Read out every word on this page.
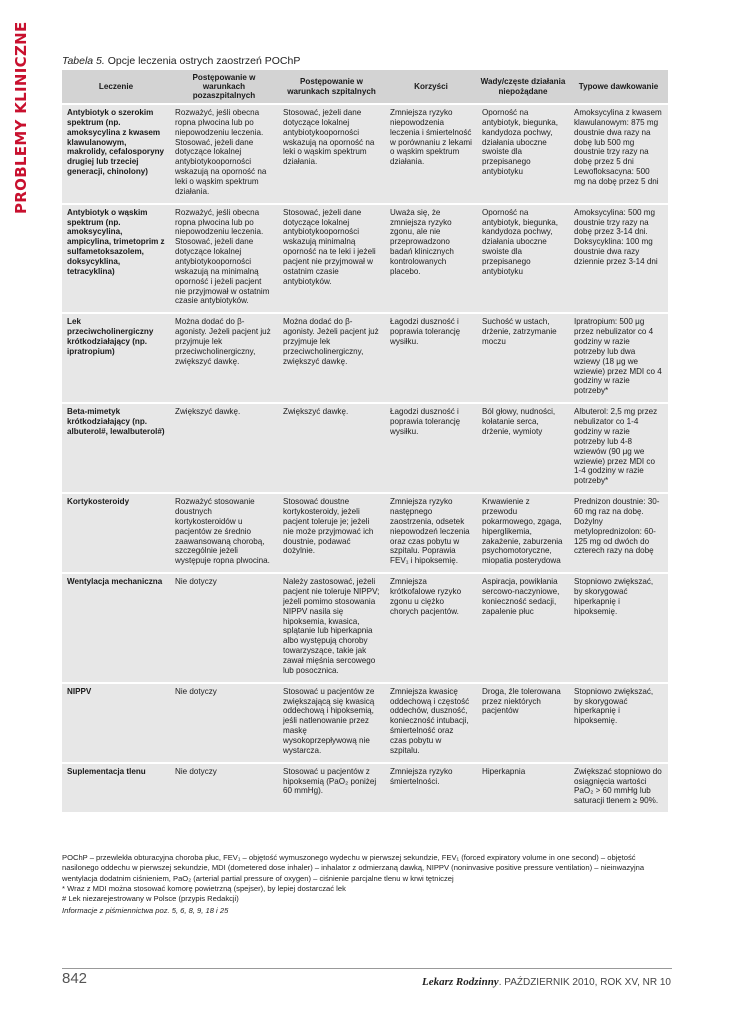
PROBLEMY KLINICZNE	Tabela 5. Opcje leczenia ostrych zaostrzeń POChP
Leczenie	Postępowanie w warunkach pozaszpitalnych	Postępowanie w warunkach szpitalnych	Korzyści	Wady/częste działania niepożądane	Typowe dawkowanie
Antybiotyk o szerokim spektrum (np. amoksycylina z kwasem klawulanowym, makrolidy, cefalosporyny drugiej lub trzeciej generacji, chinolony)	Rozważyć, jeśli obecna ropna plwocina lub po niepowodzeniu leczenia. Stosować, jeżeli dane dotyczące lokalnej antybiotykooporności wskazują na oporność na leki o wąskim spektrum działania.	Stosować, jeżeli dane dotyczące lokalnej antybiotykooporności wskazują na oporność na leki o wąskim spektrum działania.	Zmniejsza ryzyko niepowodzenia leczenia i śmiertelność w porównaniu z lekami o wąskim spektrum działania.	Oporność na antybiotyk, biegunka, kandydoza pochwy, działania uboczne swoiste dla przepisanego antybiotyku	Amoksycylina z kwasem klawulanowym: 875 mg doustnie dwa razy na dobę lub 500 mg doustnie trzy razy na dobę przez 5 dni Lewofloksacyna: 500 mg na dobę przez 5 dni
Antybiotyk o wąskim spektrum (np. amoksycylina, ampicylina, trimetoprim z sulfametoksazolem, doksycyklina, tetracyklina)	Rozważyć, jeśli obecna ropna plwocina lub po niepowodzeniu leczenia. Stosować, jeżeli dane dotyczące lokalnej antybiotykooporności wskazują na minimalną oporność i jeżeli pacjent nie przyjmował w ostatnim czasie antybiotyków.	Stosować, jeżeli dane dotyczące lokalnej antybiotykooporności wskazują minimalną oporność na te leki i jeżeli pacjent nie przyjmował w ostatnim czasie antybiotyków.	Uważa się, że zmniejsza ryzyko zgonu, ale nie przeprowadzono badań klinicznych kontrolowanych placebo.	Oporność na antybiotyk, biegunka, kandydoza pochwy, działania uboczne swoiste dla przepisanego antybiotyku	Amoksycylina: 500 mg doustnie trzy razy na dobę przez 3-14 dni. Doksycyklina: 100 mg doustnie dwa razy dziennie przez 3-14 dni
Lek przeciwcholinergiczny krótkodziałający (np. ipratropium)	Można dodać do β-agonisty. Jeżeli pacjent już przyjmuje lek przeciwcholinergiczny, zwiększyć dawkę.	Można dodać do β-agonisty. Jeżeli pacjent już przyjmuje lek przeciwcholinergiczny, zwiększyć dawkę.	Łagodzi duszność i poprawia tolerancję wysiłku.	Suchość w ustach, drżenie, zatrzymanie moczu	Ipratropium: 500 μg przez nebulizator co 4 godziny w razie potrzeby lub dwa wziewy (18 μg we wziewie) przez MDI co 4 godziny w razie potrzeby*
Beta-mimetyk krótkodziałający (np. albuterol#, lewalbuterol#)	Zwiększyć dawkę.	Zwiększyć dawkę.	Łagodzi duszność i poprawia tolerancję wysiłku.	Ból głowy, nudności, kołatanie serca, drżenie, wymioty	Albuterol: 2,5 mg przez nebulizator co 1-4 godziny w razie potrzeby lub 4-8 wziewów (90 μg we wziewie) przez MDI co 1-4 godziny w razie potrzeby*
Kortykosteroidy	Rozważyć stosowanie doustnych kortykosteroidów u pacjentów ze średnio zaawansowaną chorobą, szczególnie jeżeli występuje ropna plwocina.	Stosować doustne kortykosteroidy, jeżeli pacjent toleruje je; jeżeli nie może przyjmować ich doustnie, podawać dożylnie.	Zmniejsza ryzyko następnego zaostrzenia, odsetek niepowodzeń leczenia oraz czas pobytu w szpitalu. Poprawia FEV₁ i hipoksemię.	Krwawienie z przewodu pokarmowego, zgaga, hiperglikemia, zakażenie, zaburzenia psychomotoryczne, miopatia posterydowa	Prednizon doustnie: 30-60 mg raz na dobę. Dożylny metyloprednizolon: 60-125 mg od dwóch do czterech razy na dobę
Wentylacja mechaniczna	Nie dotyczy	Należy zastosować, jeżeli pacjent nie toleruje NIPPV; jeżeli pomimo stosowania NIPPV nasila się hipoksemia, kwasica, splątanie lub hiperkapnia albo występują choroby towarzyszące, takie jak zawał mięśnia sercowego lub posocznica.	Zmniejsza krótkofalowe ryzyko zgonu u ciężko chorych pacjentów.	Aspiracja, powikłania sercowo-naczyniowe, konieczność sedacji, zapalenie płuc	Stopniowo zwiększać, by skorygować hiperkapnię i hipoksemię.
NIPPV	Nie dotyczy	Stosować u pacjentów ze zwiększającą się kwasicą oddechową i hipoksemią, jeśli natlenowanie przez maskę wysokoprzepływową nie wystarcza.	Zmniejsza kwasicę oddechową i częstość oddechów, duszność, konieczność intubacji, śmiertelność oraz czas pobytu w szpitalu.	Droga, źle tolerowana przez niektórych pacjentów	Stopniowo zwiększać, by skorygować hiperkapnię i hipoksemię.
Suplementacja tlenu	Nie dotyczy	Stosować u pacjentów z hipoksemią (PaO₂ poniżej 60 mmHg).	Zmniejsza ryzyko śmiertelności.	Hiperkapnia	Zwiększać stopniowo do osiągnięcia wartości PaO₂ > 60 mmHg lub saturacji tlenem ≥ 90%.

POChP – przewlekła obturacyjna choroba płuc, FEV₁ – objętość wymuszonego wydechu w pierwszej sekundzie, FEV₁ (forced expiratory volume in one second) – objętość nasilonego oddechu w pierwszej sekundzie, MDI (dometered dose inhaler) – inhalator z odmierzaną dawką, NIPPV (noninvasive positive pressure ventilation) – nieinwazyjna wentylacja dodatnim ciśnieniem, PaO₂ (arterial partial pressure of oxygen) – ciśnienie parcjalne tlenu w krwi tętniczej

* Wraz z MDI można stosować komorę powietrzną (spejser), by lepiej dostarczać lek

# Lek niezarejestrowany w Polsce (przypis Redakcji)

Informacje z piśmiennictwa poz. 5, 6, 8, 9, 18 i 25

842	Lekarz Rodzinny. PAŹDZIERNIK 2010, ROK XV, NR 10
